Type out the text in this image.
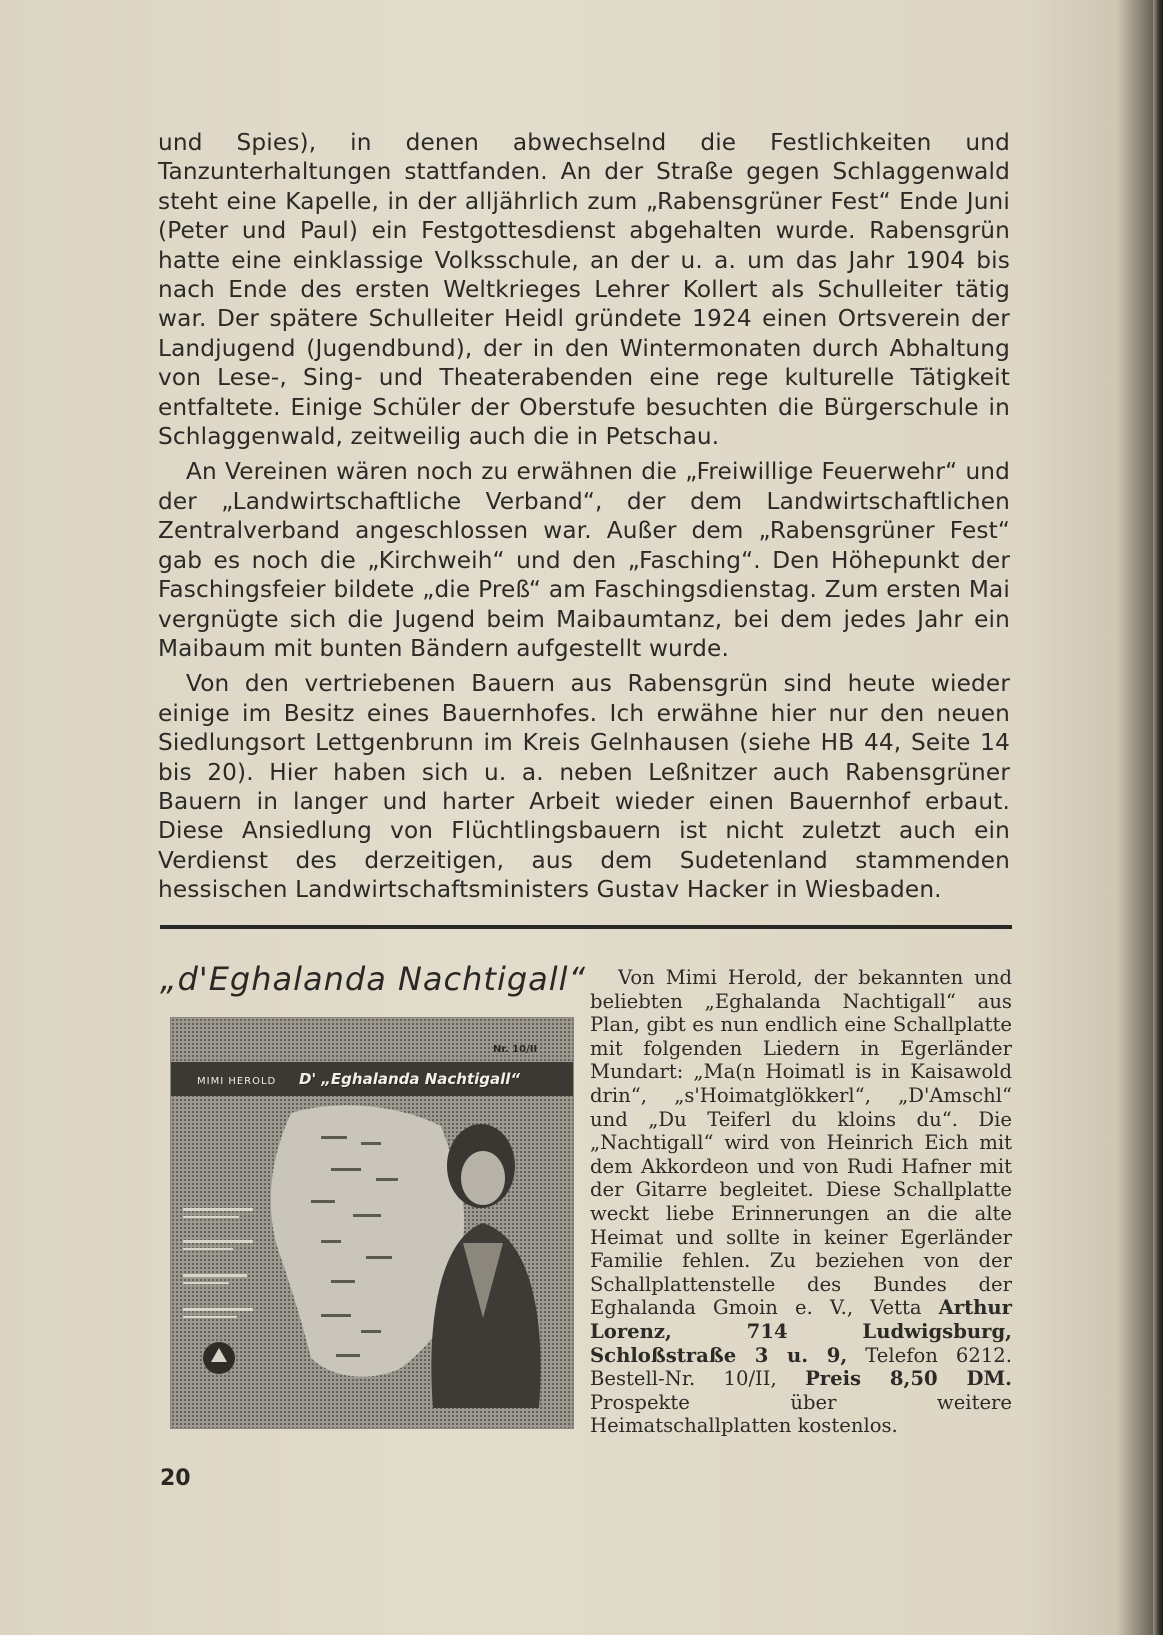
und Spies), in denen abwechselnd die Festlichkeiten und Tanzunterhaltungen stattfanden. An der Straße gegen Schlaggenwald steht eine Kapelle, in der alljährlich zum „Rabensgrüner Fest“ Ende Juni (Peter und Paul) ein Festgottesdienst abgehalten wurde. Rabensgrün hatte eine einklassige Volksschule, an der u. a. um das Jahr 1904 bis nach Ende des ersten Weltkrieges Lehrer Kollert als Schulleiter tätig war. Der spätere Schulleiter Heidl gründete 1924 einen Ortsverein der Landjugend (Jugendbund), der in den Wintermonaten durch Abhaltung von Lese-, Sing- und Theaterabenden eine rege kulturelle Tätigkeit entfaltete. Einige Schüler der Oberstufe besuchten die Bürgerschule in Schlaggenwald, zeitweilig auch die in Petschau.

An Vereinen wären noch zu erwähnen die „Freiwillige Feuerwehr“ und der „Landwirtschaftliche Verband“, der dem Landwirtschaftlichen Zentralverband angeschlossen war. Außer dem „Rabensgrüner Fest“ gab es noch die „Kirchweih“ und den „Fasching“. Den Höhepunkt der Faschingsfeier bildete „die Preß“ am Faschingsdienstag. Zum ersten Mai vergnügte sich die Jugend beim Maibaumtanz, bei dem jedes Jahr ein Maibaum mit bunten Bändern aufgestellt wurde.

Von den vertriebenen Bauern aus Rabensgrün sind heute wieder einige im Besitz eines Bauernhofes. Ich erwähne hier nur den neuen Siedlungsort Lettgenbrunn im Kreis Gelnhausen (siehe HB 44, Seite 14 bis 20). Hier haben sich u. a. neben Leßnitzer auch Rabensgrüner Bauern in langer und harter Arbeit wieder einen Bauernhof erbaut. Diese Ansiedlung von Flüchtlingsbauern ist nicht zuletzt auch ein Verdienst des derzeitigen, aus dem Sudetenland stammenden hessischen Landwirtschaftsministers Gustav Hacker in Wiesbaden.

„d'Eghalanda Nachtigall“
Nr. 10/II
MIMI HEROLD D' „Eghalanda Nachtigall“
Von Mimi Herold, der bekannten und beliebten „Eghalanda Nachtigall“ aus Plan, gibt es nun endlich eine Schallplatte mit folgenden Liedern in Egerländer Mundart: „Ma(n Hoimatl is in Kaisawold drin“, „s'Hoimatglökkerl“, „D'Amschl“ und „Du Teiferl du kloins du“. Die „Nachtigall“ wird von Heinrich Eich mit dem Akkordeon und von Rudi Hafner mit der Gitarre begleitet. Diese Schallplatte weckt liebe Erinnerungen an die alte Heimat und sollte in keiner Egerländer Familie fehlen. Zu beziehen von der Schallplattenstelle des Bundes der Eghalanda Gmoin e. V., Vetta Arthur Lorenz, 714 Ludwigsburg, Schloßstraße 3 u. 9, Telefon 6212. Bestell-Nr. 10/II, Preis 8,50 DM. Prospekte über weitere Heimatschallplatten kostenlos.
20
